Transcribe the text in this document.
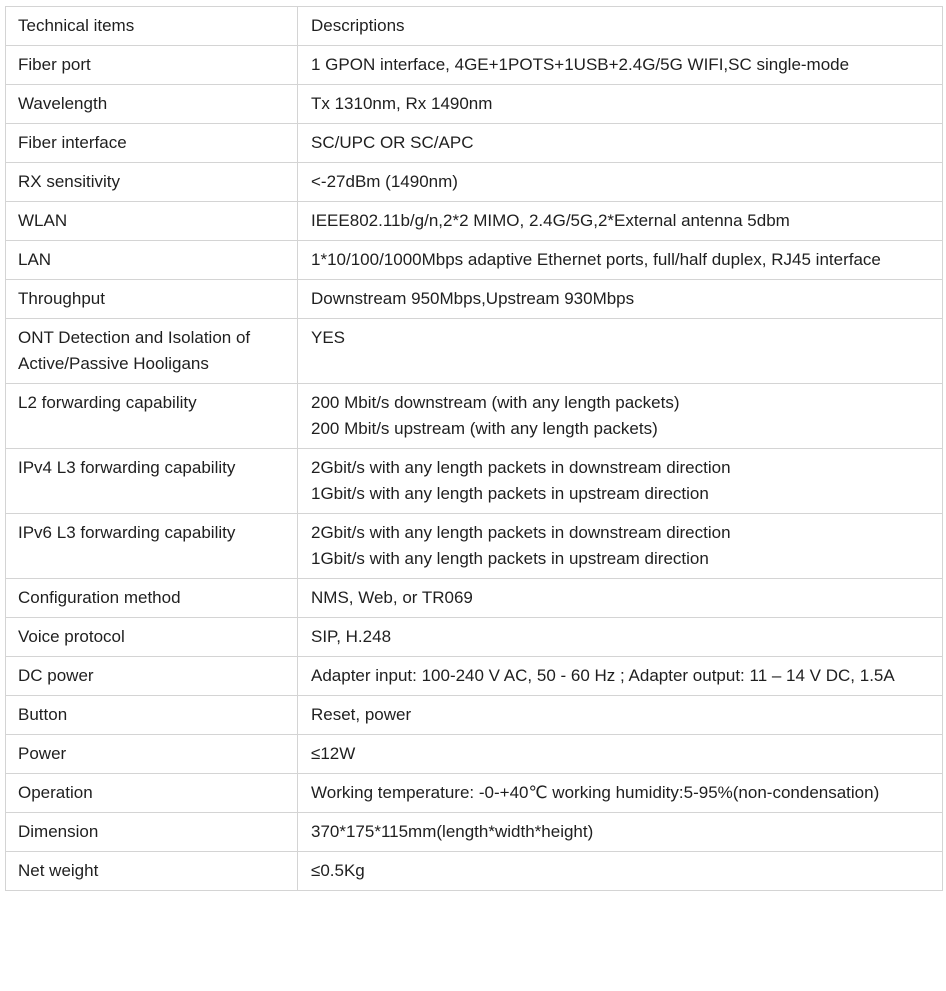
Technical items	Descriptions
Fiber port	1 GPON interface, 4GE+1POTS+1USB+2.4G/5G WIFI,SC single-mode

Wavelength	Tx 1310nm, Rx 1490nm

Fiber interface	SC/UPC OR SC/APC

RX sensitivity	<-27dBm (1490nm)

WLAN	IEEE802.11b/g/n,2*2 MIMO, 2.4G/5G,2*External antenna 5dbm

LAN	1*10/100/1000Mbps adaptive Ethernet ports, full/half duplex, RJ45 interface

Throughput	Downstream 950Mbps,Upstream 930Mbps

ONT Detection and Isolation of Active/Passive Hooligans	YES

L2 forwarding capability	200 Mbit/s downstream (with any length packets)
200 Mbit/s upstream (with any length packets)

IPv4 L3 forwarding capability	2Gbit/s with any length packets in downstream direction
1Gbit/s with any length packets in upstream direction

IPv6 L3 forwarding capability	2Gbit/s with any length packets in downstream direction
1Gbit/s with any length packets in upstream direction

Configuration method	NMS, Web, or TR069

Voice protocol	SIP, H.248

DC power	Adapter input: 100-240 V AC, 50 - 60 Hz ; Adapter output: 11 – 14 V DC, 1.5A

Button	Reset, power

Power	≤12W

Operation	Working temperature: -0-+40℃ working humidity:5-95%(non-condensation)

Dimension	370*175*115mm(length*width*height)

Net weight	≤0.5Kg
